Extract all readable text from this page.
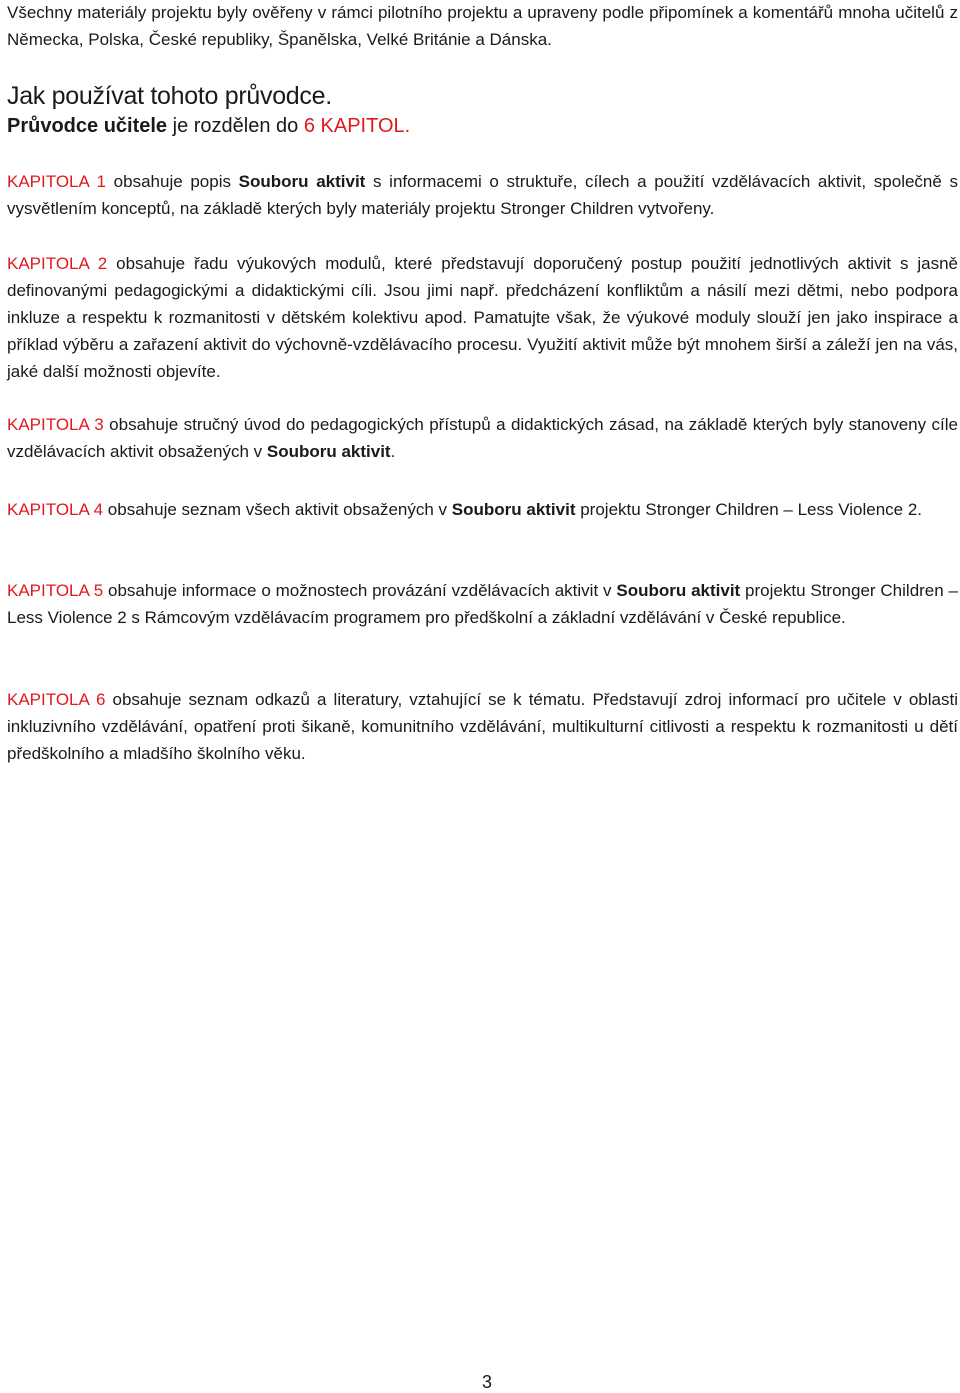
Všechny materiály projektu byly ověřeny v rámci pilotního projektu a upraveny podle připomínek a komentářů mnoha učitelů z Německa, Polska, České republiky, Španělska, Velké Británie a Dánska.

Jak používat tohoto průvodce.

Průvodce učitele je rozdělen do 6 KAPITOL.

KAPITOLA 1 obsahuje popis Souboru aktivit s informacemi o struktuře, cílech a použití vzdělávacích aktivit, společně s vysvětlením konceptů, na základě kterých byly materiály projektu Stronger Children vytvořeny.

KAPITOLA 2 obsahuje řadu výukových modulů, které představují doporučený postup použití jednotlivých aktivit s jasně definovanými pedagogickými a didaktickými cíli. Jsou jimi např. předcházení konfliktům a násilí mezi dětmi, nebo podpora inkluze a respektu k rozmanitosti v dětském kolektivu apod. Pamatujte však, že výukové moduly slouží jen jako inspirace a příklad výběru a zařazení aktivit do výchovně-vzdělávacího procesu. Využití aktivit může být mnohem širší a záleží jen na vás, jaké další možnosti objevíte.

KAPITOLA 3 obsahuje stručný úvod do pedagogických přístupů a didaktických zásad, na základě kterých byly stanoveny cíle vzdělávacích aktivit obsažených v Souboru aktivit.

KAPITOLA 4 obsahuje seznam všech aktivit obsažených v Souboru aktivit projektu Stronger Children – Less Violence 2.

KAPITOLA 5 obsahuje informace o možnostech provázání vzdělávacích aktivit v Souboru aktivit projektu Stronger Children – Less Violence 2 s Rámcovým vzdělávacím programem pro předškolní a základní vzdělávání v České republice.

KAPITOLA 6 obsahuje seznam odkazů a literatury, vztahující se k tématu. Představují zdroj informací pro učitele v oblasti inkluzivního vzdělávání, opatření proti šikaně, komunitního vzdělávání, multikulturní citlivosti a respektu k rozmanitosti u dětí předškolního a mladšího školního věku.

3
